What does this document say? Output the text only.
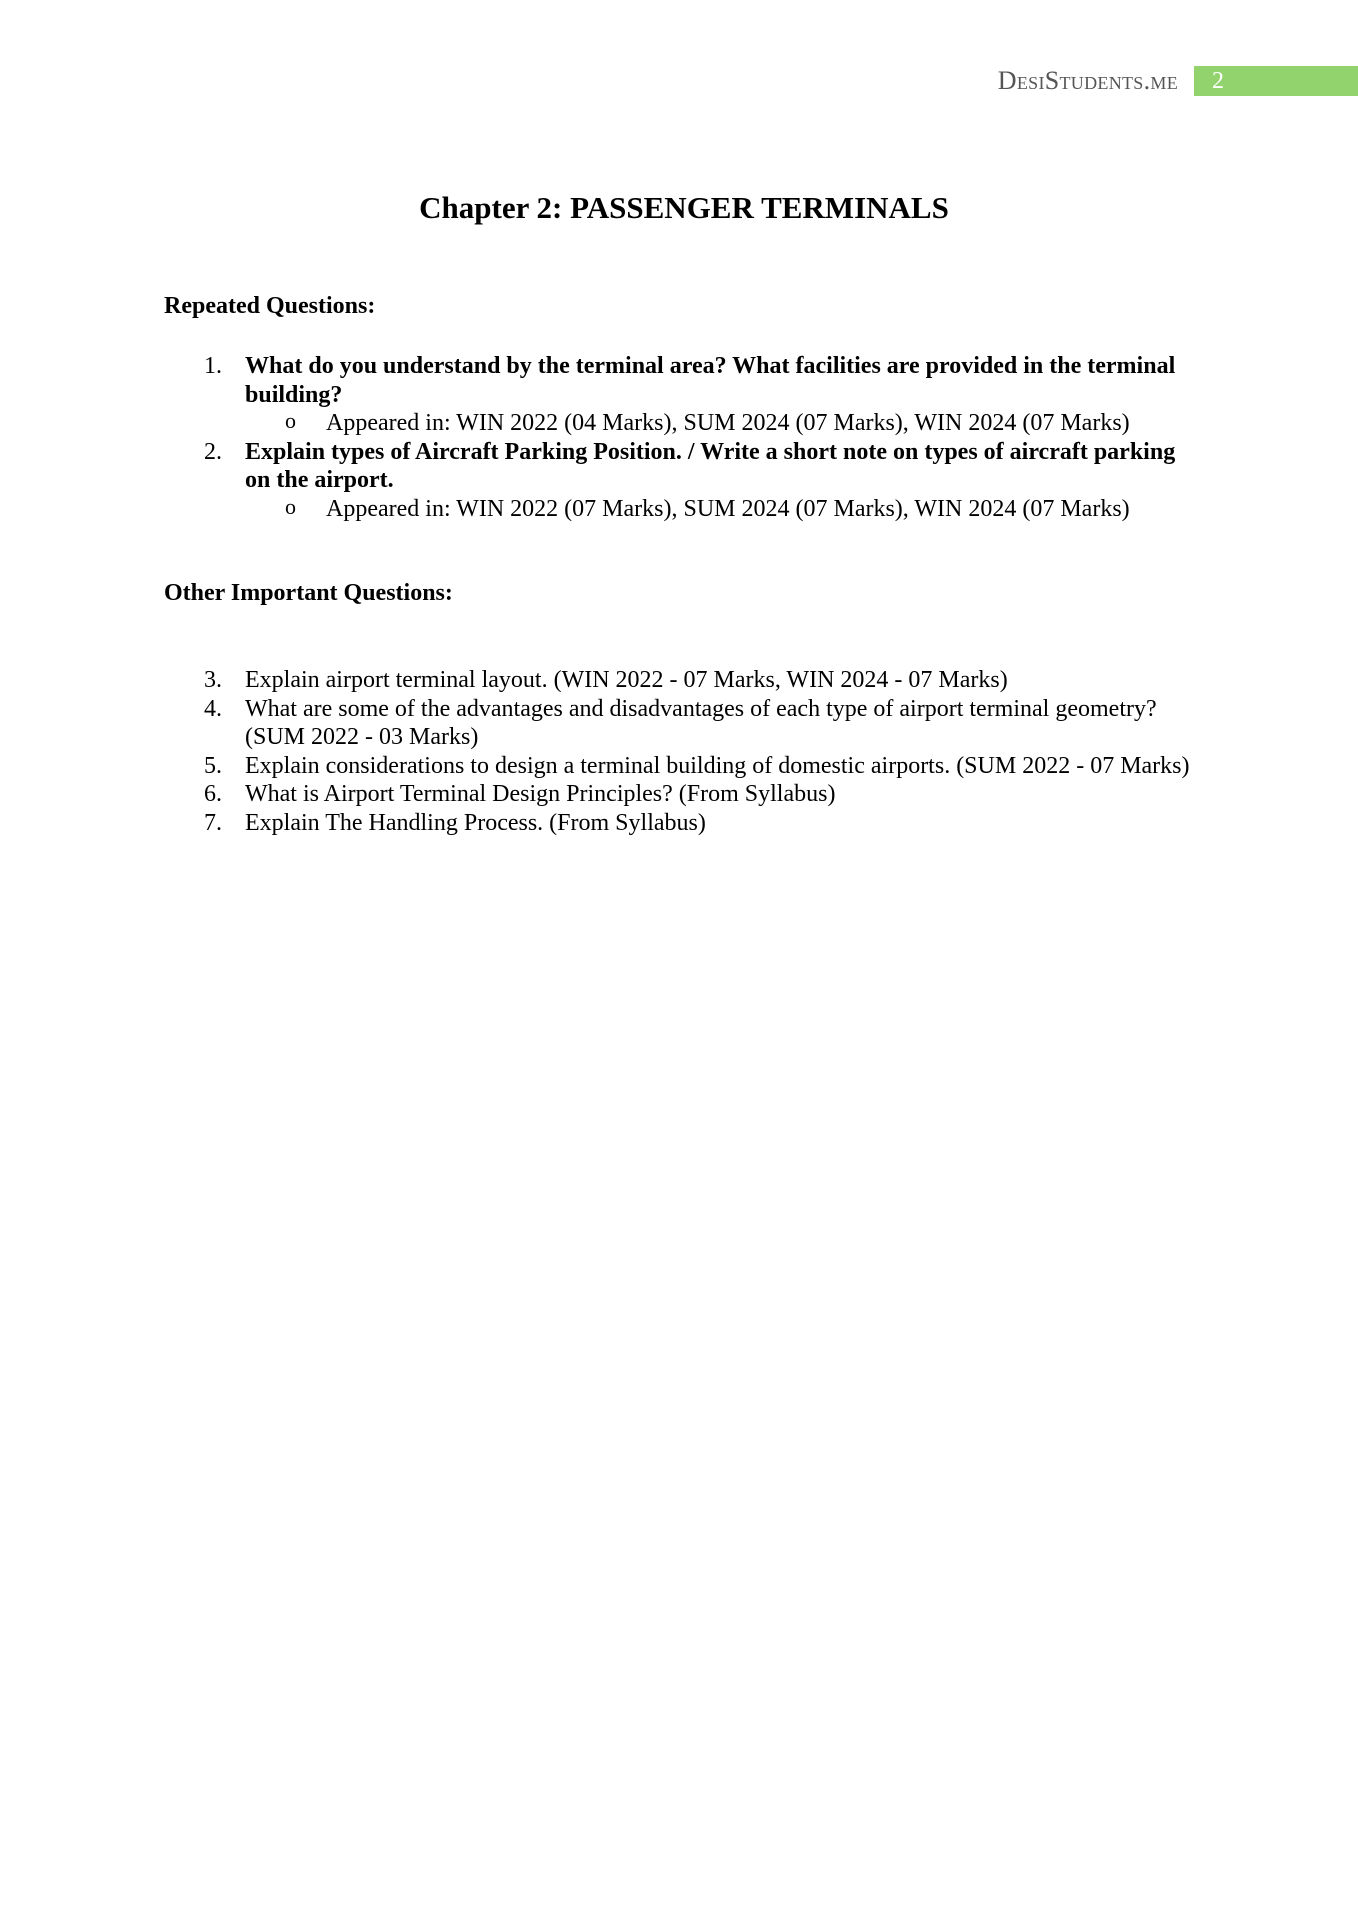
DesiStudents.me 2
Chapter 2: PASSENGER TERMINALS
Repeated Questions:
1. What do you understand by the terminal area? What facilities are provided in the terminal building?
o Appeared in: WIN 2022 (04 Marks), SUM 2024 (07 Marks), WIN 2024 (07 Marks)
2. Explain types of Aircraft Parking Position. / Write a short note on types of aircraft parking on the airport.
o Appeared in: WIN 2022 (07 Marks), SUM 2024 (07 Marks), WIN 2024 (07 Marks)
Other Important Questions:
3. Explain airport terminal layout. (WIN 2022 - 07 Marks, WIN 2024 - 07 Marks)
4. What are some of the advantages and disadvantages of each type of airport terminal geometry? (SUM 2022 - 03 Marks)
5. Explain considerations to design a terminal building of domestic airports. (SUM 2022 - 07 Marks)
6. What is Airport Terminal Design Principles? (From Syllabus)
7. Explain The Handling Process. (From Syllabus)
